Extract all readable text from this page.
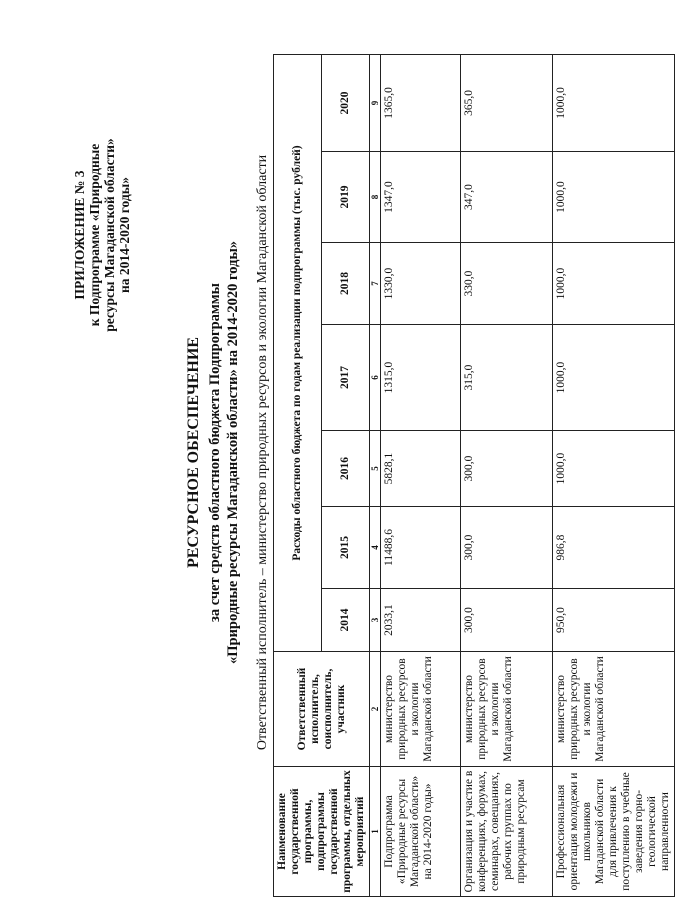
ПРИЛОЖЕНИЕ № 3 к Подпрограмме «Природные ресурсы Магаданской области» на 2014-2020 годы»
РЕСУРСНОЕ ОБЕСПЕЧЕНИЕ за счет средств областного бюджета Подпрограммы «Природные ресурсы Магаданской области» на 2014-2020 годы» Ответственный исполнитель – министерство природных ресурсов и экологии Магаданской области
Наименование государственной программы, подпрограммы государственной программы, отдельных мероприятий	Ответственный исполнитель, соисполнитель, участник	Расходы областного бюджета по годам реализации подпрограммы (тыс. рублей)						
		2014	2015	2016	2017	2018	2019	2020
1	2	3	4	5	6	7	8	9
Подпрограмма «Природные ресурсы Магаданской области» на 2014-2020 годы»	министерство природных ресурсов и экологии Магаданской области	2033,1	11488,6	5828,1	1315,0	1330,0	1347,0	1365,0
Организация и участие в конференциях, форумах, семинарах, совещаниях, рабочих группах по природным ресурсам	министерство природных ресурсов и экологии Магаданской области	300,0	300,0	300,0	315,0	330,0	347,0	365,0
Профессиональная ориентация молодежи и школьников Магаданской области для привлечения к поступлению в учебные заведения горно-геологической направленности	министерство природных ресурсов и экологии Магаданской области	950,0	986,8	1000,0	1000,0	1000,0	1000,0	1000,0
